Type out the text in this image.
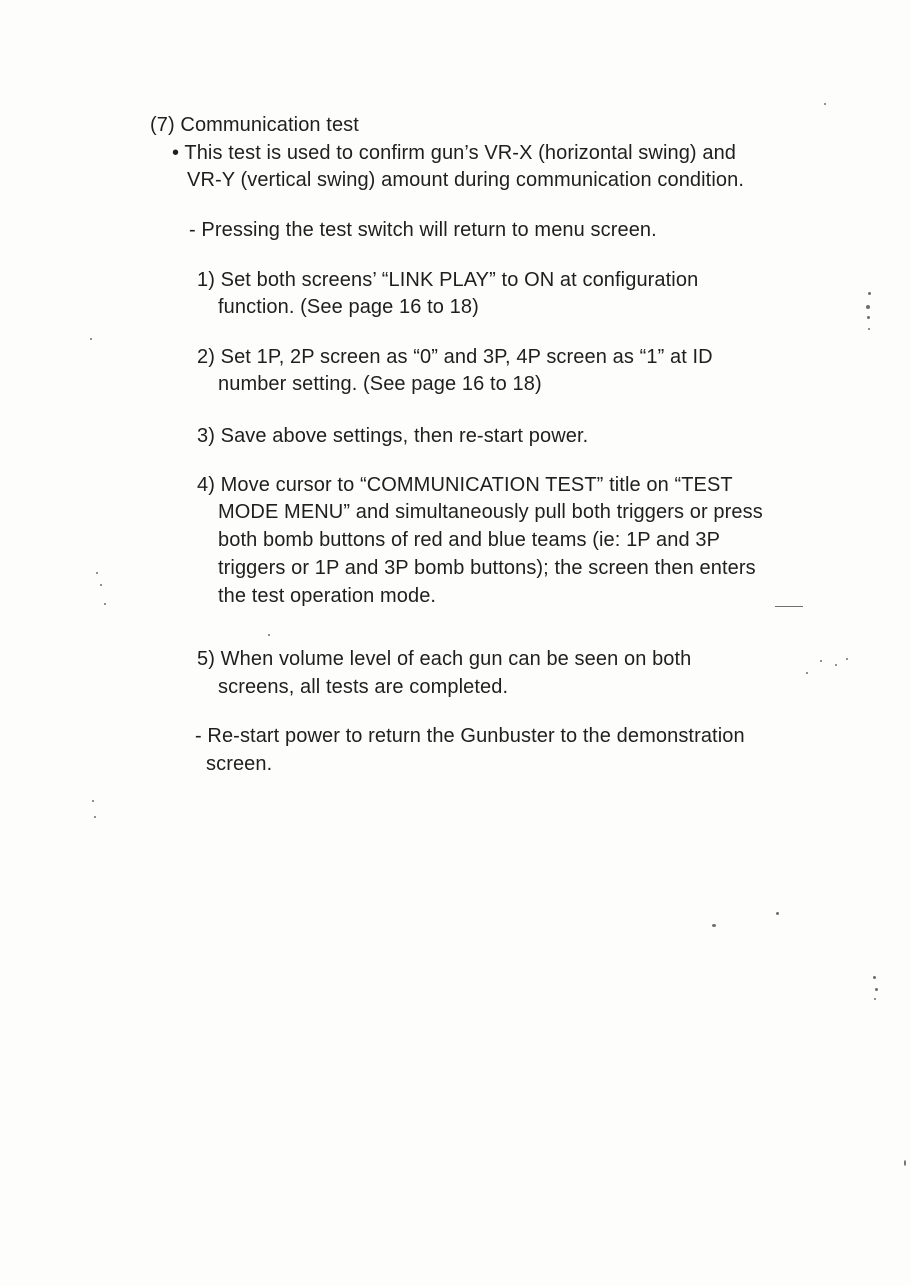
(7) Communication test
• This test is used to confirm gun’s VR-X (horizontal swing) and
VR-Y (vertical swing) amount during communication condition.
- Pressing the test switch will return to menu screen.
1) Set both screens’ “LINK PLAY” to ON at configuration
function. (See page 16 to 18)
2) Set 1P, 2P screen as “0” and 3P, 4P screen as “1” at ID
number setting. (See page 16 to 18)
3) Save above settings, then re-start power.
4) Move cursor to “COMMUNICATION TEST” title on “TEST
MODE MENU” and simultaneously pull both triggers or press
both bomb buttons of red and blue teams (ie: 1P and 3P
triggers or 1P and 3P bomb buttons); the screen then enters
the test operation mode.
5) When volume level of each gun can be seen on both
screens, all tests are completed.
- Re-start power to return the Gunbuster to the demonstration
screen.
